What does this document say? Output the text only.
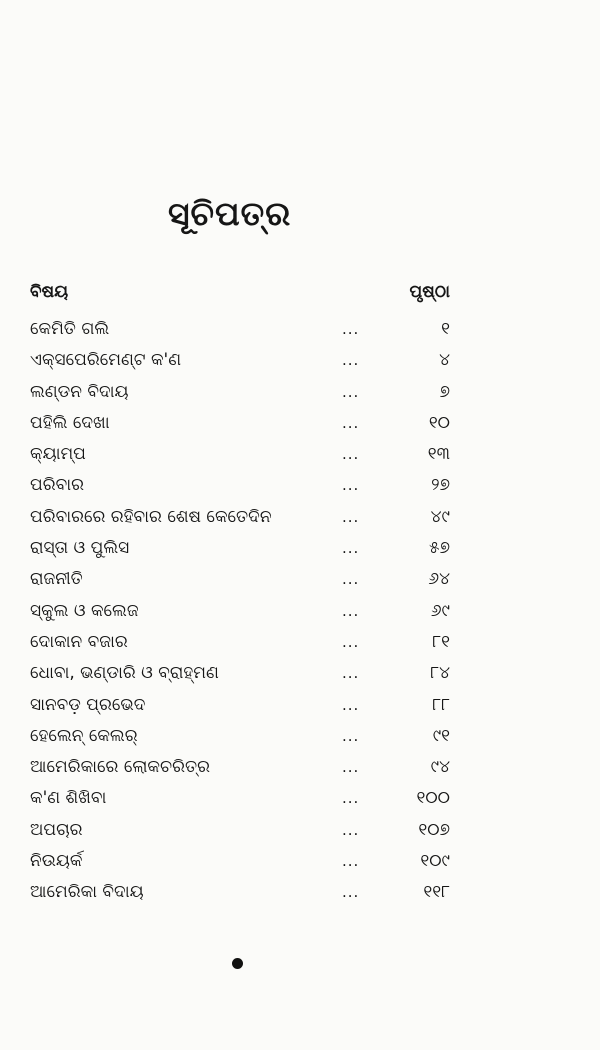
ସୂଚିପତ୍ର
ବିଷୟ	ପୃଷ୍ଠା
କେମିତି ଗଲି	...	୧
ଏକ୍ସପେରିମେଣ୍ଟ କ'ଣ	...	୪
ଲଣ୍ଡନ ବିଦାୟ	...	୭
ପହିଲି ଦେଖା	...	୧୦
କ୍ୟାମ୍ପ	...	୧୩
ପରିବାର	...	୨୭
ପରିବାରରେ ରହିବାର ଶେଷ କେତେଦିନ	...	୪୯
ରାସ୍ତା ଓ ପୁଲିସ	...	୫୭
ରାଜନୀତି	...	୬୪
ସ୍କୁଲ ଓ କଲେଜ	...	୬୯
ଦୋକାନ ବଜାର	...	୮୧
ଧୋବା, ଭଣ୍ଡାରି ଓ ବ୍ରାହ୍ମଣ	...	୮୪
ସାନବଡ଼ ପ୍ରଭେଦ	...	୮୮
ହେଲେନ୍ କେଲର୍	...	୯୧
ଆମେରିକାରେ ଲୋକଚରିତ୍ର	...	୯୪
କ'ଣ ଶିଖିବା	...	୧୦୦
ଅପଚାର	...	୧୦୭
ନିଉୟର୍କ	...	୧୦୯
ଆମେରିକା ବିଦାୟ	...	୧୧୮
